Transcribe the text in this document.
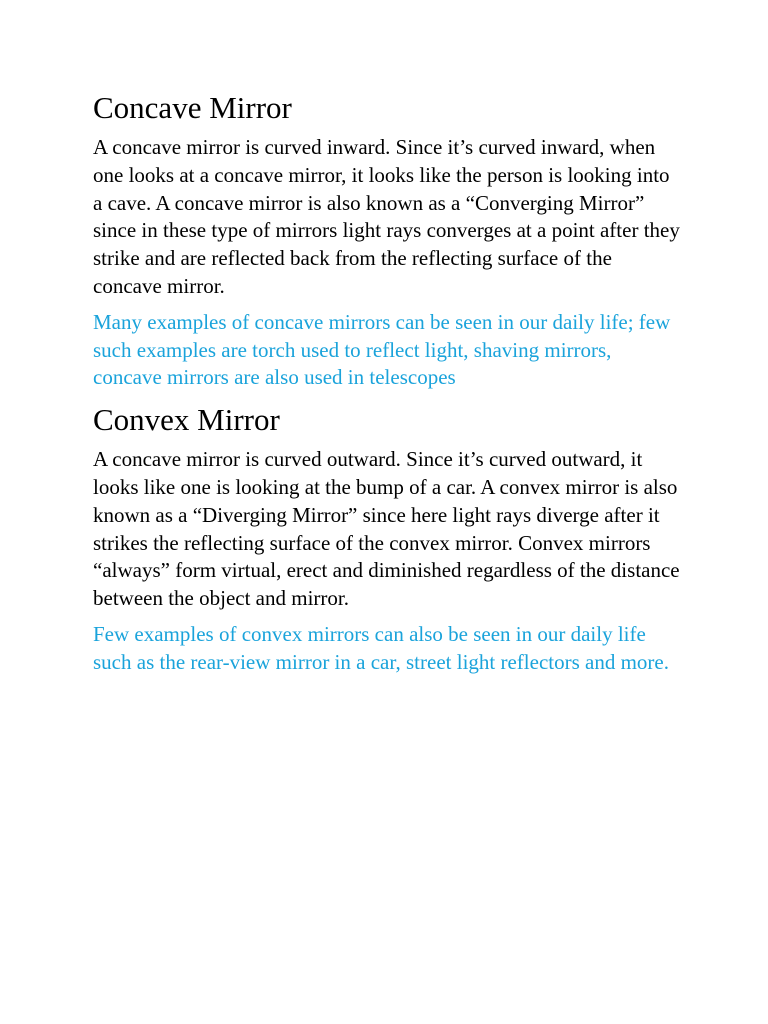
Concave Mirror

A concave mirror is curved inward. Since it’s curved inward, when one looks at a concave mirror, it looks like the person is looking into a cave. A concave mirror is also known as a “Converging Mirror” since in these type of mirrors light rays converges at a point after they strike and are reflected back from the reflecting surface of the concave mirror.

Many examples of concave mirrors can be seen in our daily life; few such examples are torch used to reflect light, shaving mirrors, concave mirrors are also used in telescopes

Convex Mirror

A concave mirror is curved outward. Since it’s curved outward, it looks like one is looking at the bump of a car. A convex mirror is also known as a “Diverging Mirror” since here light rays diverge after it strikes the reflecting surface of the convex mirror. Convex mirrors “always” form virtual, erect and diminished regardless of the distance between the object and mirror.

Few examples of convex mirrors can also be seen in our daily life such as the rear-view mirror in a car, street light reflectors and more.
